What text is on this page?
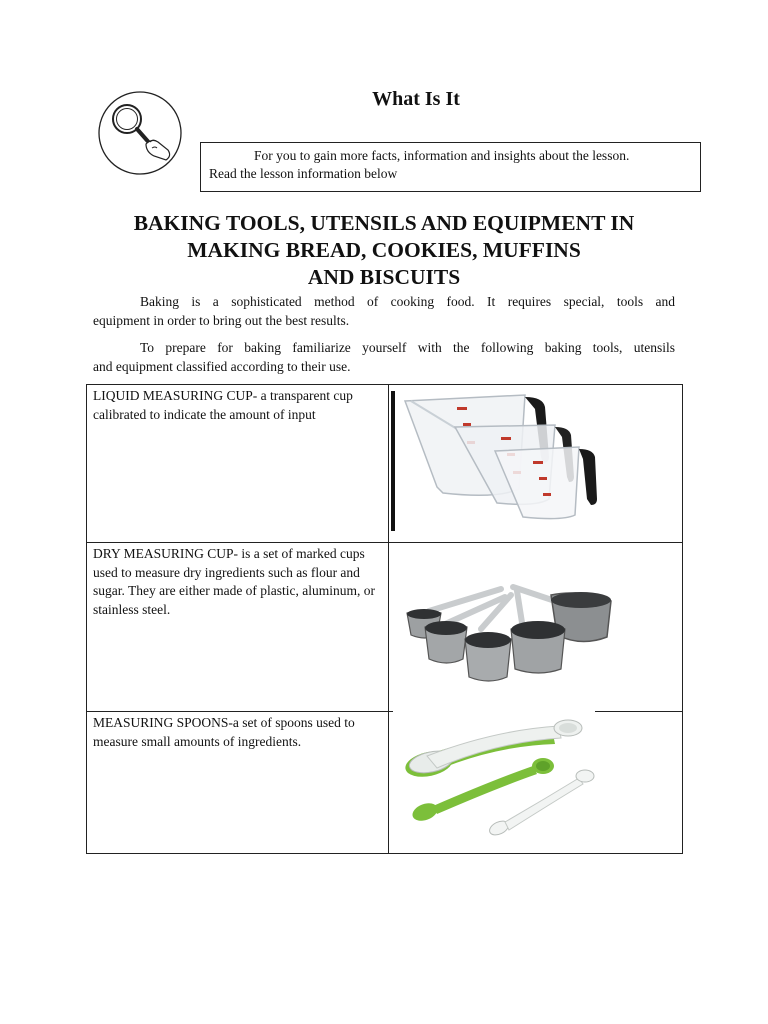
What Is It
For you to gain more facts, information and insights about the lesson.
Read the lesson information below
BAKING TOOLS, UTENSILS AND EQUIPMENT IN
MAKING BREAD, COOKIES, MUFFINS
AND BISCUITS
Baking is a sophisticated method of cooking food. It requires special, tools and
equipment in order to bring out the best results.
To prepare for baking familiarize yourself with the following baking tools, utensils
and equipment classified according to their use.
LIQUID MEASURING CUP- a transparent cup calibrated to indicate the amount of input	

DRY MEASURING CUP- is a set of marked cups used to measure dry ingredients such as flour and sugar. They are either made of plastic, aluminum, or stainless steel.	

MEASURING SPOONS-a set of spoons used to measure small amounts of ingredients.	
